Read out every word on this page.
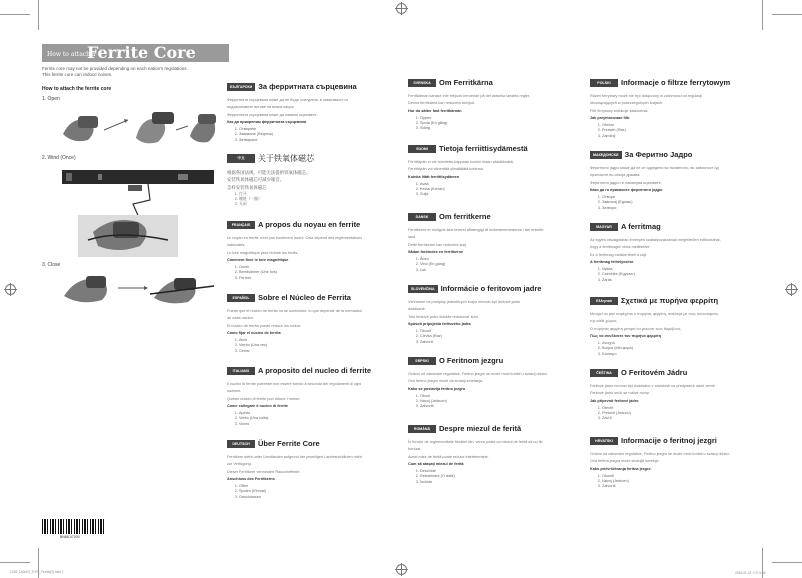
How to attach a
Ferrite Core
Ferrite core may not be provided depending on each nation's regulations.
This ferrite core can reduce noises.
How to attach the ferrite core
1. Open
2. Wind (Once)
3. Close
БЪЛГАРСКИ За ферритната сърцевина
Ферритната сърцевина може да не бъде осигурена, в зависимост от
подзаконовите актове на всяка нация.
Ферритната сърцевина може да намали шумовете.
Как да прикрепим ферритната сърцевина
1. Отваряне
2. Завиване (Веднъж)
3. Затваряне
中文 关于铁氧体磁芯
根据各国法规，可能无法提供铁氧体磁芯。
安装铁氧体磁芯可减少噪音。
怎样安装铁氧体磁芯
1. 打开
2. 缠绕（一圈）
3. 关闭
FRANÇAIS A propos du noyau en ferrite
Le noyau en ferrite n'est pas forcément fourni. Cela dépend des réglementations
nationales.
Le tore magnétique peut réduire les bruits.
Comment fixer le tore magnétique
1. Ouvrir
2. Bembobiner (Une fois)
3. Fermer
ESPAÑOL Sobre el Núcleo de Ferrita
Puede que el núcleo de ferrita no se suministre, lo que depende de la normativa
de cada nación.
El núcleo de ferrita puede reducir los ruidos.
Cómo fijar el núcleo de ferrita
1. Abrir
2. Viento (Una vez)
3. Cerrar
ITALIANO A proposito del nucleo di ferrite
Il nucleo di ferrite potrebbe non essere fornito a seconda dei regolamenti di ogni
nazione.
Questo nucleo di ferrite può ridurre i rumori.
Come collegare il nucleo di ferrite
1. Aperto
2. Vento (Una volta)
3. Vicino
DEUTSCH Über Ferrite Core
Ferritkern steht unter Umständen aufgrund der jeweiligen Landesrichtlinien nicht
zur Verfügung.
Dieser Ferritkern vermindert Rauscheffekte.
Anschluss des Ferritkerns
1. Offen
2. Spulen (Einmal)
3. Geschlossen
SVENSKA Om Ferritkärna
Ferritkärnan kanske inte erbjuds beroende på det aktuella landets regler.
Denna ferritkärna kan reducera störljud.
Hur du sätter fast ferritkärnan
1. Öppen
2. Spola (En gång)
3. Stäng
SUOMI Tietoja ferriittisydämestä
Ferriittiydin ei ole toimitettu-kappaan kunkin maan säädöksistä.
Ferriittiydin voi vähentää yliinäääätä kohinaa.
Kuinka liität ferriittisydämen
1. Avaa
2. Kelaa (Kerran)
3. Sulje
DANSK Om ferritkerne
Ferritkerne er muligvis ikke leveret afhængigt af lovbestemmelserne i det enkelte
land.
Dette ferritkerne kan reducere støj.
Sådan forbindes en ferritkerne
1. Åben
2. Vind (En gang)
3. Luk
SLOVENČINA Informácie o feritovom jadre
Vzhľadom na predpisy jednotlivých krajín nemusí byť feritové jadro
dodávané.
Toto feritové jadro dokáže redukovať šum.
Spôsob pripojenia feritového jadra
1. Otvoriť
2. Cievka (Raz)
3. Zatvoriť
SRPSKI O Feritnom jezgru
Ovisno od zakonske regulative, Feritno jezgro se može moći koristi u svakoj državi.
Ovo feritno jezgro može da smanji smetanja.
Kako se postavlja feritno jezgro
1. Otvori
2. Navoj (Jednom)
3. Zatvoriti
ROMÂNĂ Despre miezul de ferită
În funcție de reglementările fiecărei țări, varza poate ca miezul de ferită să nu fie
furnizat.
Acest miez de ferită poate reduce interferențele.
Cum să atașați miezul de ferită
1. Deschide
2. Rebobinare (O dată)
3. Închide
POLSKI Informacje o filtrze ferrytowym
Rdzeń ferrytowy może nie być dołączony w zależności od regulacji
obowiązujących w poszczególnych krajach.
Filtr ferrytowy redukuje zakłócenia.
Jak przymocować filtr
1. Otwórz
2. Przewiń (Raz)
3. Zamknij
МАКЕДОНСКИ За Феритно Јадро
Феритното јадро може да не се одредено во писменото, во зависност од
прописите во секоја држава.
Феритното јадро ги намалува шумовите.
Како да го прикачите феритното јадро
1. Отвори
2. Завиткај (Еднаш)
3. Затвори
MAGYAR A ferritmag
Az egyes országokban érvényes szabályozásoknak megfelelően előfordulhat,
hogy a ferritmagot nincs mellékelve.
Ez a ferritmag csökkentheti a zajt.
A ferritmag felhelyezése
1. Nyitás
2. Csévélés (Egyszer)
3. Zárás
Ελληνικά Σχετικά με πυρήνα φερρίτη
Μπορεί να μην παρέχεται ο πυρήνας φερρίτη, ανάλογα με τους κανονισμούς
της κάθε χώρας.
Ο πυρήνας φερρίτη μπορεί να μειώσει τους θορύβους.
Πώς να συνδέσετε τον πυρήνα φερρίτη
1. Ανοιχτό
2. Άνεμοι (Μία φορά)
3. Κλείσιμο
ČEŠTINA O Feritovém Jádru
Feritové jádro nemusí být dodáváno v závislosti na předpisech dané země.
Feritové jádro sníží se rušivé ruchy.
Jak připevnit feritové jádro
1. Otevřít
2. Přetočit (Jednou)
3. Zavřít
HRVATSKI Informacije o feritnoj jezgri
Ovisno od zakonske regulative, Feritno jezgro se može moći koristi u svakoj državi.
Ova feritna jezgra može smanjiti smetnje.
Kako pričvrščivanja feritna jezgre.
1. Otvoriti
2. Navoj (Jednom)
3. Zatvoriti
BN68-07000
1018_LA0003_7H79_Ferrite(2).indd 1	2016-01-19 오후 5:08
